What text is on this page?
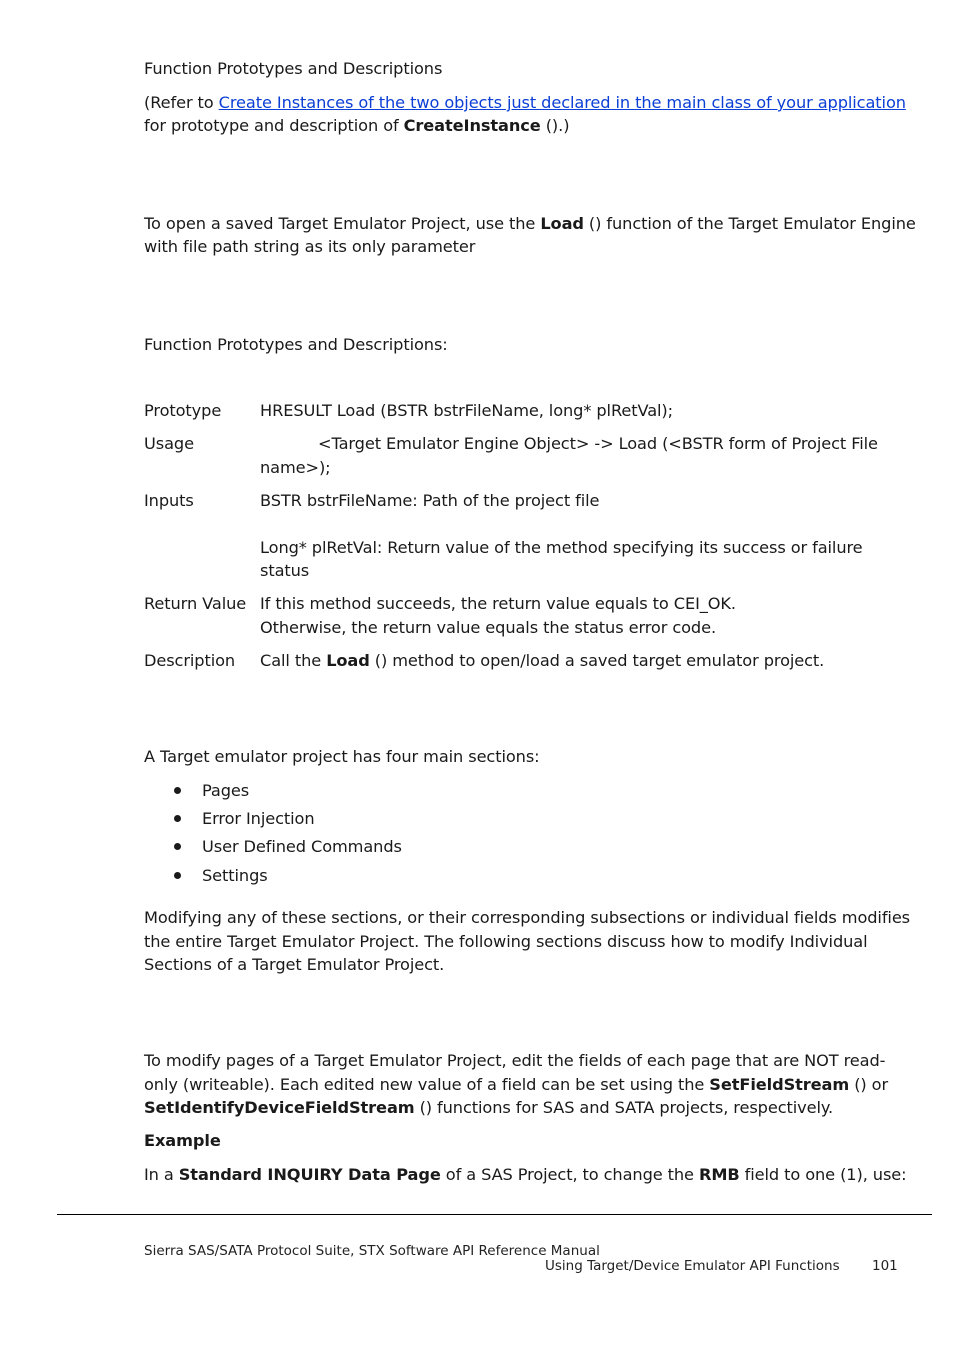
Function Prototypes and Descriptions
(Refer to Create Instances of the two objects just declared in the main class of your application
for prototype and description of CreateInstance ().)
To open a saved Target Emulator Project, use the Load () function of the Target Emulator Engine
with file path string as its only parameter
Function Prototypes and Descriptions:
Prototype HRESULT Load (BSTR bstrFileName, long* plRetVal);
Usage	<Target Emulator Engine Object> -> Load (<BSTR form of Project File
name>);
Inputs	BSTR bstrFileName: Path of the project file
Long* plRetVal: Return value of the method specifying its success or failure
status
Return Value If this method succeeds, the return value equals to CEI_OK.
Otherwise, the return value equals the status error code.
Description Call the Load () method to open/load a saved target emulator project.
A Target emulator project has four main sections:
Pages
Error Injection
User Defined Commands
Settings
Modifying any of these sections, or their corresponding subsections or individual fields modifies
the entire Target Emulator Project. The following sections discuss how to modify Individual
Sections of a Target Emulator Project.
To modify pages of a Target Emulator Project, edit the fields of each page that are NOT read-
only (writeable). Each edited new value of a field can be set using the SetFieldStream () or
SetIdentifyDeviceFieldStream () functions for SAS and SATA projects, respectively.
Example
In a Standard INQUIRY Data Page of a SAS Project, to change the RMB field to one (1), use:
Sierra SAS/SATA Protocol Suite, STX Software API Reference Manual
Using Target/Device Emulator API Functions 101
